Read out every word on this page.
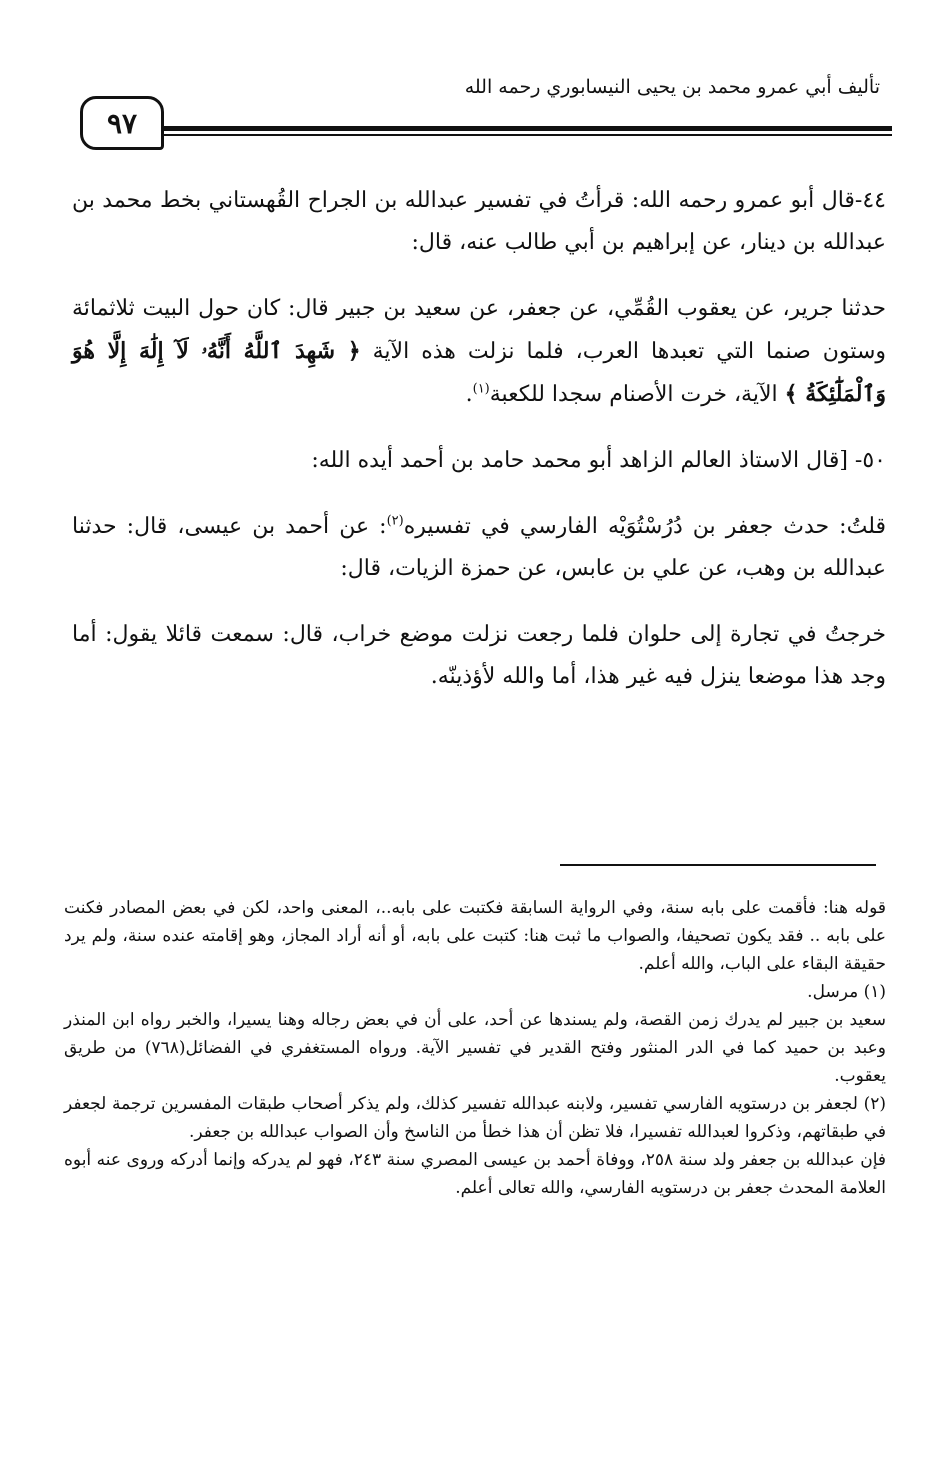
تأليف أبي عمرو محمد بن يحيى النيسابوري رحمه الله
٩٧

٤٤-قال أبو عمرو رحمه الله: قرأتُ في تفسير عبدالله بن الجراح القُهستاني بخط محمد بن عبدالله بن دينار، عن إبراهيم بن أبي طالب عنه، قال:

حدثنا جرير، عن يعقوب القُمِّي، عن جعفر، عن سعيد بن جبير قال: كان حول البيت ثلاثمائة وستون صنما التي تعبدها العرب، فلما نزلت هذه الآية ﴿ شَهِدَ ٱللَّهُ أَنَّهُۥ لَآ إِلَٰهَ إِلَّا هُوَ وَٱلْمَلَٰٓئِكَةُ ﴾ الآية، خرت الأصنام سجدا للكعبة$^{(١)}$.

٥٠- [قال الاستاذ العالم الزاهد أبو محمد حامد بن أحمد أيده الله:

قلتُ: حدث جعفر بن دُرُسْتُوَيْه الفارسي في تفسيره$^{(٢)}$: عن أحمد بن عيسى، قال: حدثنا عبدالله بن وهب، عن علي بن عابس، عن حمزة الزيات، قال:

خرجتُ في تجارة إلى حلوان فلما رجعت نزلت موضع خراب، قال: سمعت قائلا يقول: أما وجد هذا موضعا ينزل فيه غير هذا، أما والله لأؤذينّه.

قوله هنا: فأقمت على بابه سنة، وفي الرواية السابقة فكتبت على بابه..، المعنى واحد، لكن في بعض المصادر فكنت على بابه .. فقد يكون تصحيفا، والصواب ما ثبت هنا: كتبت على بابه، أو أنه أراد المجاز، وهو إقامته عنده سنة، ولم يرد حقيقة البقاء على الباب، والله أعلم.

(١) مرسل.

سعيد بن جبير لم يدرك زمن القصة، ولم يسندها عن أحد، على أن في بعض رجاله وهنا يسيرا، والخبر رواه ابن المنذر وعبد بن حميد كما في الدر المنثور وفتح القدير في تفسير الآية. ورواه المستغفري في الفضائل(٧٦٨) من طريق يعقوب.

(٢) لجعفر بن درستويه الفارسي تفسير، ولابنه عبدالله تفسير كذلك، ولم يذكر أصحاب طبقات المفسرين ترجمة لجعفر في طبقاتهم، وذكروا لعبدالله تفسيرا، فلا تظن أن هذا خطأ من الناسخ وأن الصواب عبدالله بن جعفر.

فإن عبدالله بن جعفر ولد سنة ٢٥٨، ووفاة أحمد بن عيسى المصري سنة ٢٤٣، فهو لم يدركه وإنما أدركه وروى عنه أبوه العلامة المحدث جعفر بن درستويه الفارسي، والله تعالى أعلم.
